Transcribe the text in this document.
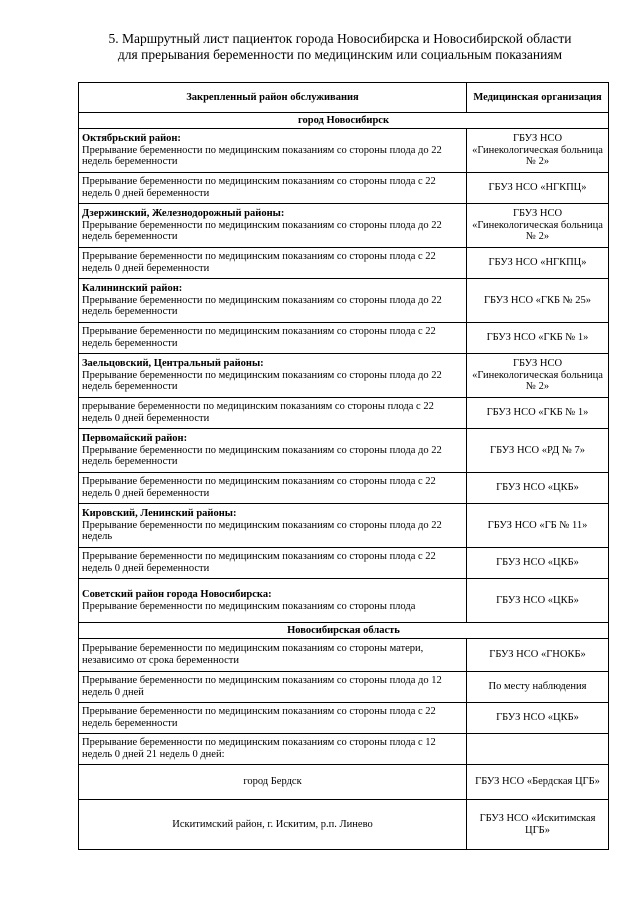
5. Маршрутный лист пациенток города Новосибирска и Новосибирской области
для прерывания беременности по медицинским или социальным показаниям
Закрепленный район обслуживания	Медицинская организация
город Новосибирск	

Октябрьский район:
Прерывание беременности по медицинским показаниям со стороны плода до 22 недель беременности	ГБУЗ НСО «Гинекологическая больница № 2»

Прерывание беременности по медицинским показаниям со стороны плода с 22 недель 0 дней беременности	ГБУЗ НСО «НГКПЦ»

Дзержинский, Железнодорожный районы:
Прерывание беременности по медицинским показаниям со стороны плода до 22 недель беременности	ГБУЗ НСО «Гинекологическая больница № 2»

Прерывание беременности по медицинским показаниям со стороны плода с 22 недель 0 дней беременности	ГБУЗ НСО «НГКПЦ»

Калининский район:
Прерывание беременности по медицинским показаниям со стороны плода до 22 недель беременности	ГБУЗ НСО «ГКБ № 25»

Прерывание беременности по медицинским показаниям со стороны плода с 22 недель беременности	ГБУЗ НСО «ГКБ № 1»

Заельцовский, Центральный районы:
Прерывание беременности по медицинским показаниям со стороны плода до 22 недель беременности	ГБУЗ НСО «Гинекологическая больница № 2»

прерывание беременности по медицинским показаниям со стороны плода с 22 недель 0 дней беременности	ГБУЗ НСО «ГКБ № 1»

Первомайский район:
Прерывание беременности по медицинским показаниям со стороны плода до 22 недель беременности	ГБУЗ НСО «РД № 7»

Прерывание беременности по медицинским показаниям со стороны плода с 22 недель 0 дней беременности	ГБУЗ НСО «ЦКБ»

Кировский, Ленинский районы:
Прерывание беременности по медицинским показаниям со стороны плода до 22 недель	ГБУЗ НСО «ГБ № 11»

Прерывание беременности по медицинским показаниям со стороны плода с 22 недель 0 дней беременности	ГБУЗ НСО «ЦКБ»

Советский район города Новосибирска:
Прерывание беременности по медицинским показаниям со стороны плода	ГБУЗ НСО «ЦКБ»
Новосибирская область	

Прерывание беременности по медицинским показаниям со стороны матери, независимо от срока беременности	ГБУЗ НСО «ГНОКБ»

Прерывание беременности по медицинским показаниям со стороны плода до 12 недель 0 дней	По месту наблюдения

Прерывание беременности по медицинским показаниям со стороны плода с 22 недель беременности	ГБУЗ НСО «ЦКБ»

Прерывание беременности по медицинским показаниям со стороны плода с 12 недель 0 дней 21 недель 0 дней:	

город Бердск	ГБУЗ НСО «Бердская ЦГБ»
Искитимский район, г. Искитим, р.п. Линево	ГБУЗ НСО «Искитимская ЦГБ»
